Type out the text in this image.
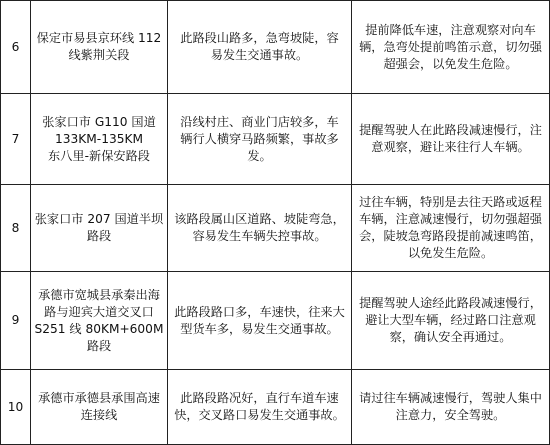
6	保定市易县京环线 112
线紫荆关段	此路段山路多，急弯坡陡，容
易发生交通事故。	提前降低车速，注意观察对向车
辆，急弯处提前鸣笛示意，切勿强
超强会，以免发生危险。
7	张家口市 G110 国道
133KM-135KM
东八里-新保安路段	沿线村庄、商业门店较多，车
辆行人横穿马路频繁，事故多
发。	提醒驾驶人在此路段减速慢行，注
意观察，避让来往行人车辆。
8	张家口市 207 国道半坝
路段	该路段属山区道路、坡陡弯急，
容易发生车辆失控事故。	过往车辆，特别是去往天路或返程
车辆，注意减速慢行，切勿强超强
会，陡坡急弯路段提前减速鸣笛，
以免发生危险。
9	承德市宽城县承秦出海
路与迎宾大道交叉口
S251 线 80KM+600M 路段	此路段路口多，车速快，往来大
型货车多，易发生交通事故。	提醒驾驶人途经此路段减速慢行，
避让大型车辆，经过路口注意观
察，确认安全再通过。
10	承德市承德县承围高速
连接线	此路段路况好，直行车道车速
快，交叉路口易发生交通事故。	请过往车辆减速慢行，驾驶人集中
注意力，安全驾驶。
